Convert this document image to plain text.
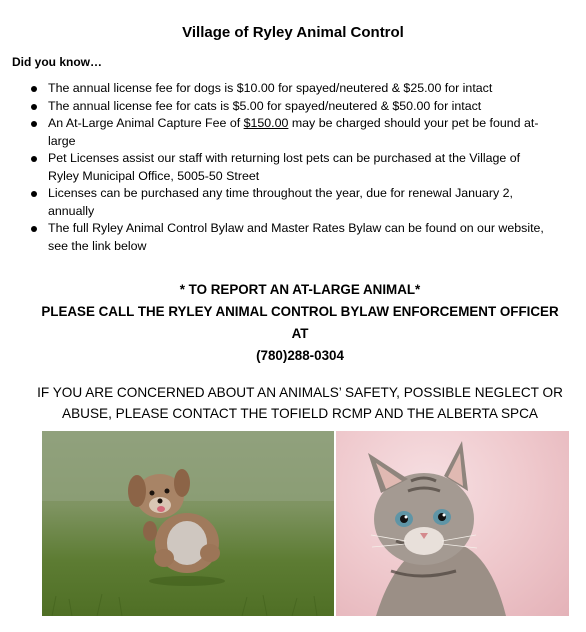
Village of Ryley Animal Control
Did you know…
The annual license fee for dogs is $10.00 for spayed/neutered & $25.00 for intact
The annual license fee for cats is $5.00 for spayed/neutered & $50.00 for intact
An At-Large Animal Capture Fee of $150.00 may be charged should your pet be found at-large
Pet Licenses assist our staff with returning lost pets can be purchased at the Village of Ryley Municipal Office, 5005-50 Street
Licenses can be purchased any time throughout the year, due for renewal January 2, annually
The full Ryley Animal Control Bylaw and Master Rates Bylaw can be found on our website, see the link below
* TO REPORT AN AT-LARGE ANIMAL*
PLEASE CALL THE RYLEY ANIMAL CONTROL BYLAW ENFORCEMENT OFFICER
AT
(780)288-0304
IF YOU ARE CONCERNED ABOUT AN ANIMALS’ SAFETY, POSSIBLE NEGLECT OR
ABUSE, PLEASE CONTACT THE TOFIELD RCMP AND THE ALBERTA SPCA
